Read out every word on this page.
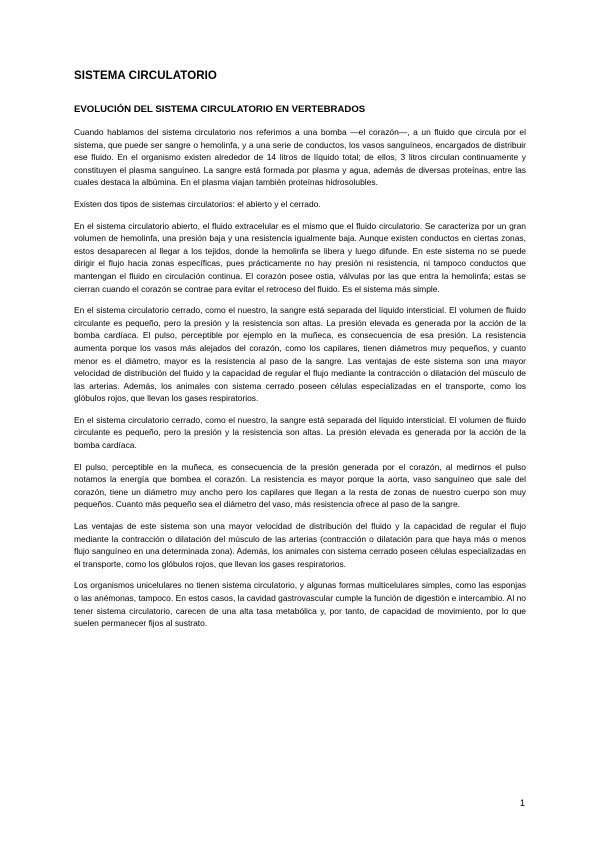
SISTEMA CIRCULATORIO
EVOLUCIÓN DEL SISTEMA CIRCULATORIO EN VERTEBRADOS

Cuando hablamos del sistema circulatorio nos referimos a una bomba —el corazón—, a un fluido que circula por el sistema, que puede ser sangre o hemolinfa, y a una serie de conductos, los vasos sanguíneos, encargados de distribuir ese fluido. En el organismo existen alrededor de 14 litros de líquido total; de ellos, 3 litros circulan continuamente y constituyen el plasma sanguíneo. La sangre está formada por plasma y agua, además de diversas proteínas, entre las cuales destaca la albúmina. En el plasma viajan también proteínas hidrosolubles.

Existen dos tipos de sistemas circulatorios: el abierto y el cerrado.

En el sistema circulatorio abierto, el fluido extracelular es el mismo que el fluido circulatorio. Se caracteriza por un gran volumen de hemolinfa, una presión baja y una resistencia igualmente baja. Aunque existen conductos en ciertas zonas, estos desaparecen al llegar a los tejidos, donde la hemolinfa se libera y luego difunde. En este sistema no se puede dirigir el flujo hacia zonas específicas, pues prácticamente no hay presión ni resistencia, ni tampoco conductos que mantengan el fluido en circulación continua. El corazón posee ostia, válvulas por las que entra la hemolinfa; estas se cierran cuando el corazón se contrae para evitar el retroceso del fluido. Es el sistema más simple.

En el sistema circulatorio cerrado, como el nuestro, la sangre está separada del líquido intersticial. El volumen de fluido circulante es pequeño, pero la presión y la resistencia son altas. La presión elevada es generada por la acción de la bomba cardíaca. El pulso, perceptible por ejemplo en la muñeca, es consecuencia de esa presión. La resistencia aumenta porque los vasos más alejados del corazón, como los capilares, tienen diámetros muy pequeños, y cuanto menor es el diámetro, mayor es la resistencia al paso de la sangre. Las ventajas de este sistema son una mayor velocidad de distribución del fluido y la capacidad de regular el flujo mediante la contracción o dilatación del músculo de las arterias. Además, los animales con sistema cerrado poseen células especializadas en el transporte, como los glóbulos rojos, que llevan los gases respiratorios.

En el sistema circulatorio cerrado, como el nuestro, la sangre está separada del líquido intersticial. El volumen de fluido circulante es pequeño, pero la presión y la resistencia son altas. La presión elevada es generada por la acción de la bomba cardíaca.

El pulso, perceptible en la muñeca, es consecuencia de la presión generada por el corazón, al medirnos el pulso notamos la energía que bombea el corazón. La resistencia es mayor porque la aorta, vaso sanguíneo que sale del corazón, tiene un diámetro muy ancho pero los capilares que llegan a la resta de zonas de nuestro cuerpo son muy pequeños. Cuanto más pequeño sea el diámetro del vaso, más resistencia ofrece al paso de la sangre.

Las ventajas de este sistema son una mayor velocidad de distribución del fluido y la capacidad de regular el flujo mediante la contracción o dilatación del músculo de las arterias (contracción o dilatación para que haya más o menos flujo sanguíneo en una determinada zona). Además, los animales con sistema cerrado poseen células especializadas en el transporte, como los glóbulos rojos, que llevan los gases respiratorios.

Los organismos unicelulares no tienen sistema circulatorio, y algunas formas multicelulares simples, como las esponjas o las anémonas, tampoco. En estos casos, la cavidad gastrovascular cumple la función de digestión e intercambio. Al no tener sistema circulatorio, carecen de una alta tasa metabólica y, por tanto, de capacidad de movimiento, por lo que suelen permanecer fijos al sustrato.

1
